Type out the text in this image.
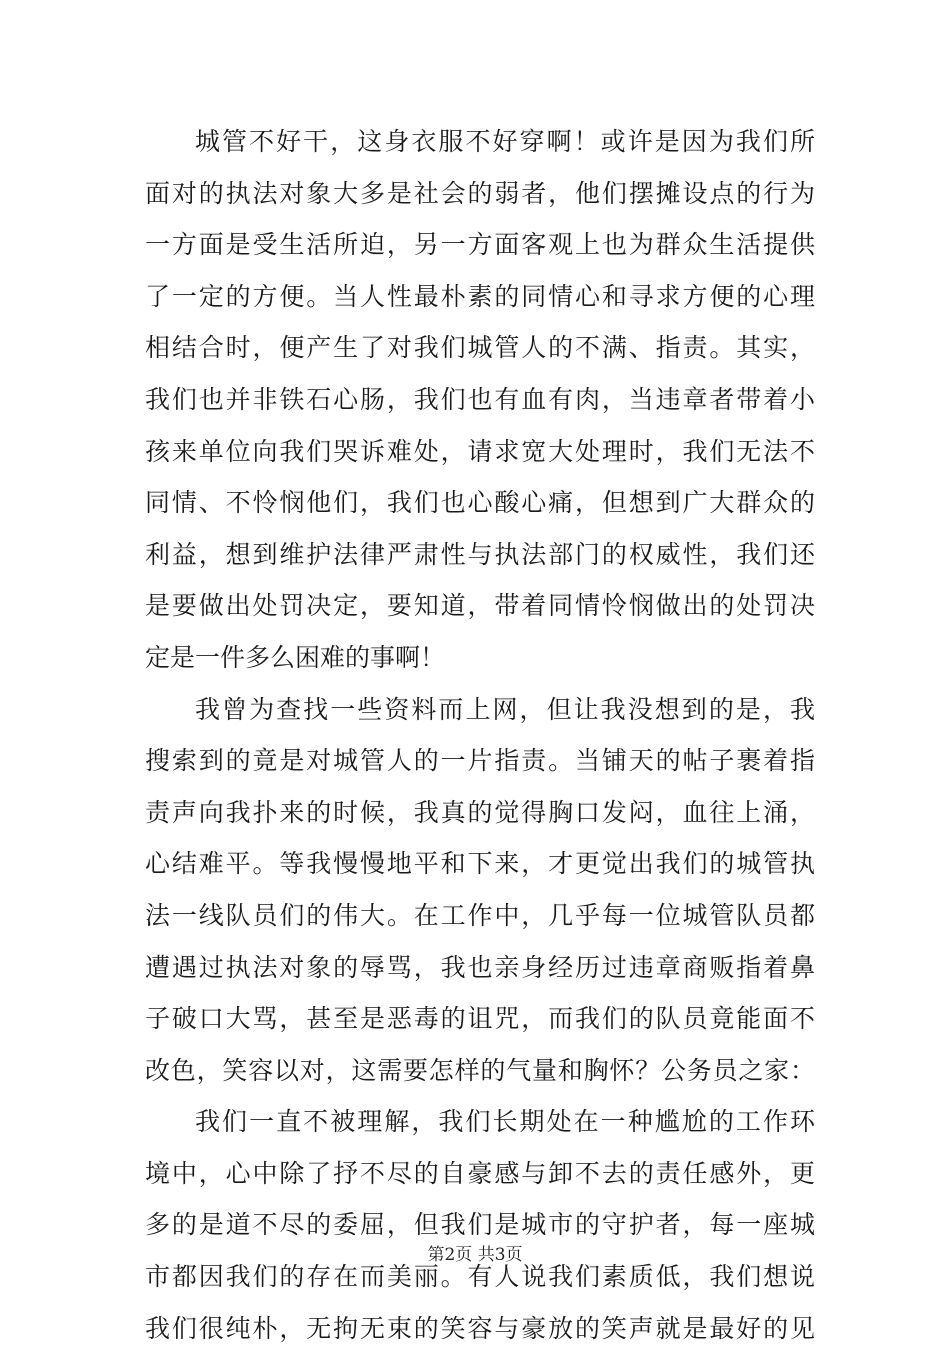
城管不好干，这身衣服不好穿啊！或许是因为我们所
面对的执法对象大多是社会的弱者，他们摆摊设点的行为
一方面是受生活所迫，另一方面客观上也为群众生活提供
了一定的方便。当人性最朴素的同情心和寻求方便的心理
相结合时，便产生了对我们城管人的不满、指责。其实，
我们也并非铁石心肠，我们也有血有肉，当违章者带着小
孩来单位向我们哭诉难处，请求宽大处理时，我们无法不
同情、不怜悯他们，我们也心酸心痛，但想到广大群众的
利益，想到维护法律严肃性与执法部门的权威性，我们还
是要做出处罚决定，要知道，带着同情怜悯做出的处罚决
定是一件多么困难的事啊！
我曾为查找一些资料而上网，但让我没想到的是，我
搜索到的竟是对城管人的一片指责。当铺天的帖子裹着指
责声向我扑来的时候，我真的觉得胸口发闷，血往上涌，
心结难平。等我慢慢地平和下来，才更觉出我们的城管执
法一线队员们的伟大。在工作中，几乎每一位城管队员都
遭遇过执法对象的辱骂，我也亲身经历过违章商贩指着鼻
子破口大骂，甚至是恶毒的诅咒，而我们的队员竟能面不
改色，笑容以对，这需要怎样的气量和胸怀？公务员之家：
我们一直不被理解，我们长期处在一种尴尬的工作环
境中，心中除了抒不尽的自豪感与卸不去的责任感外，更
多的是道不尽的委屈，但我们是城市的守护者，每一座城
市都因我们的存在而美丽。有人说我们素质低，我们想说
我们很纯朴，无拘无束的笑容与豪放的笑声就是最好的见
第2页 共3页
